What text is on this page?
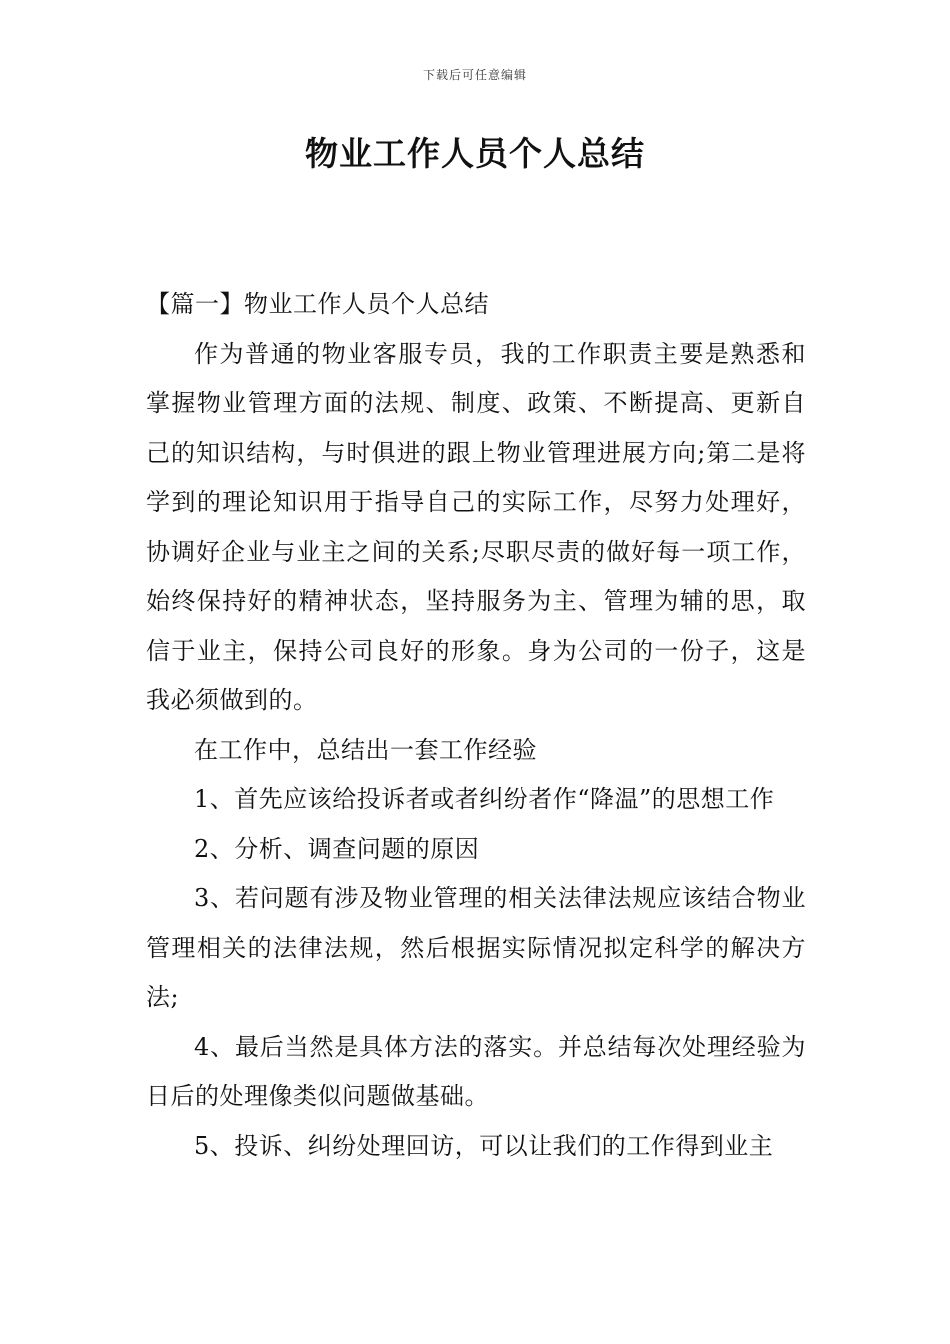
下载后可任意编辑
物业工作人员个人总结

【篇一】物业工作人员个人总结

作为普通的物业客服专员，我的工作职责主要是熟悉和掌握物业管理方面的法规、制度、政策、不断提高、更新自己的知识结构，与时俱进的跟上物业管理进展方向;第二是将学到的理论知识用于指导自己的实际工作，尽努力处理好，协调好企业与业主之间的关系;尽职尽责的做好每一项工作，始终保持好的精神状态，坚持服务为主、管理为辅的思，取信于业主，保持公司良好的形象。身为公司的一份子，这是我必须做到的。

在工作中，总结出一套工作经验

1、首先应该给投诉者或者纠纷者作“降温”的思想工作

2、分析、调查问题的原因

3、若问题有涉及物业管理的相关法律法规应该结合物业管理相关的法律法规，然后根据实际情况拟定科学的解决方法;

4、最后当然是具体方法的落实。并总结每次处理经验为日后的处理像类似问题做基础。

5、投诉、纠纷处理回访，可以让我们的工作得到业主
